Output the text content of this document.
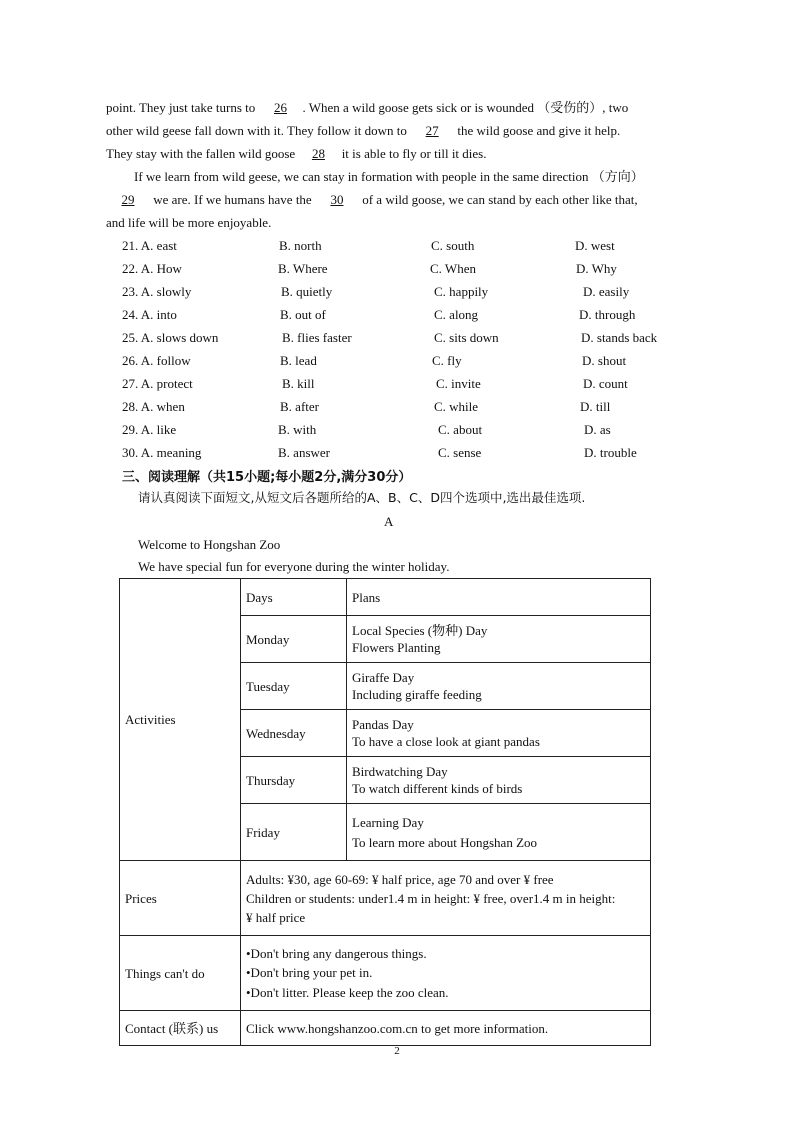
point. They just take turns to 26 . When a wild goose gets sick or is wounded （受伤的）, two
other wild geese fall down with it. They follow it down to 27 the wild goose and give it help.
They stay with the fallen wild goose 28 it is able to fly or till it dies.
If we learn from wild geese, we can stay in formation with people in the same direction （方向）
29 we are. If we humans have the 30 of a wild goose, we can stand by each other like that,
and life will be more enjoyable.
21. A. east	B. north	C. south	D. west
22. A. How	B. Where	C. When	D. Why
23. A. slowly	B. quietly	C. happily	D. easily
24. A. into	B. out of	C. along	D. through
25. A. slows down	B. flies faster	C. sits down	D. stands back
26. A. follow	B. lead	C. fly	D. shout
27. A. protect	B. kill	C. invite	D. count
28. A. when	B. after	C. while	D. till
29. A. like	B. with	C. about	D. as
30. A. meaning	B. answer	C. sense	D. trouble
三、阅读理解（共15小题;每小题2分,满分30分）
请认真阅读下面短文,从短文后各题所给的A、B、C、D四个选项中,选出最佳选项.
A
Welcome to Hongshan Zoo
We have special fun for everyone during the winter holiday.
Activities	Days	Plans
	Monday	Local Species (物种) Day
Flowers Planting

	Tuesday	Giraffe Day
Including giraffe feeding

	Wednesday	Pandas Day
To have a close look at giant pandas

	Thursday	Birdwatching Day
To watch different kinds of birds

	Friday	Learning Day
To learn more about Hongshan Zoo

Prices	Adults: ¥30, age 60-69: ¥ half price, age 70 and over ¥ free
Children or students: under1.4 m in height: ¥ free, over1.4 m in height:
¥ half price	

Things can't do	•Don't bring any dangerous things.
•Don't bring your pet in.
•Don't litter. Please keep the zoo clean.	

Contact (联系) us	Click www.hongshanzoo.com.cn to get more information.	
2
